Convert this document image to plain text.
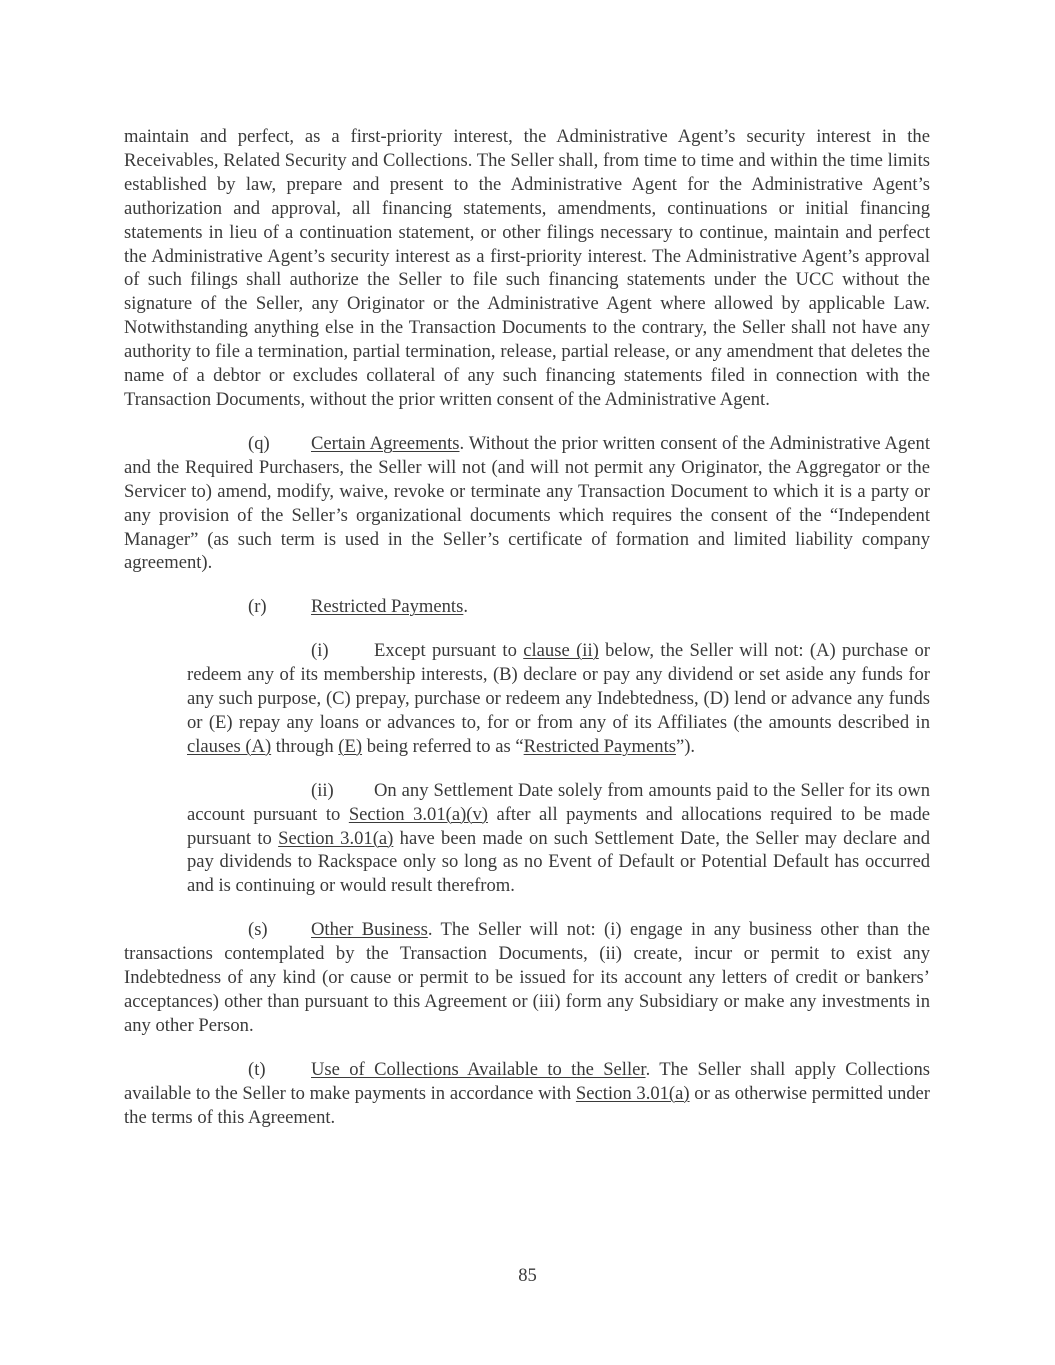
maintain and perfect, as a first-priority interest, the Administrative Agent’s security interest in the Receivables, Related Security and Collections. The Seller shall, from time to time and within the time limits established by law, prepare and present to the Administrative Agent for the Administrative Agent’s authorization and approval, all financing statements, amendments, continuations or initial financing statements in lieu of a continuation statement, or other filings necessary to continue, maintain and perfect the Administrative Agent’s security interest as a first-priority interest. The Administrative Agent’s approval of such filings shall authorize the Seller to file such financing statements under the UCC without the signature of the Seller, any Originator or the Administrative Agent where allowed by applicable Law. Notwithstanding anything else in the Transaction Documents to the contrary, the Seller shall not have any authority to file a termination, partial termination, release, partial release, or any amendment that deletes the name of a debtor or excludes collateral of any such financing statements filed in connection with the Transaction Documents, without the prior written consent of the Administrative Agent.

(q) Certain Agreements. Without the prior written consent of the Administrative Agent and the Required Purchasers, the Seller will not (and will not permit any Originator, the Aggregator or the Servicer to) amend, modify, waive, revoke or terminate any Transaction Document to which it is a party or any provision of the Seller’s organizational documents which requires the consent of the “Independent Manager” (as such term is used in the Seller’s certificate of formation and limited liability company agreement).

(r) Restricted Payments.

(i) Except pursuant to clause (ii) below, the Seller will not: (A) purchase or redeem any of its membership interests, (B) declare or pay any dividend or set aside any funds for any such purpose, (C) prepay, purchase or redeem any Indebtedness, (D) lend or advance any funds or (E) repay any loans or advances to, for or from any of its Affiliates (the amounts described in clauses (A) through (E) being referred to as “Restricted Payments”).

(ii) On any Settlement Date solely from amounts paid to the Seller for its own account pursuant to Section 3.01(a)(v) after all payments and allocations required to be made pursuant to Section 3.01(a) have been made on such Settlement Date, the Seller may declare and pay dividends to Rackspace only so long as no Event of Default or Potential Default has occurred and is continuing or would result therefrom.

(s) Other Business. The Seller will not: (i) engage in any business other than the transactions contemplated by the Transaction Documents, (ii) create, incur or permit to exist any Indebtedness of any kind (or cause or permit to be issued for its account any letters of credit or bankers’ acceptances) other than pursuant to this Agreement or (iii) form any Subsidiary or make any investments in any other Person.

(t) Use of Collections Available to the Seller. The Seller shall apply Collections available to the Seller to make payments in accordance with Section 3.01(a) or as otherwise permitted under the terms of this Agreement.

85
